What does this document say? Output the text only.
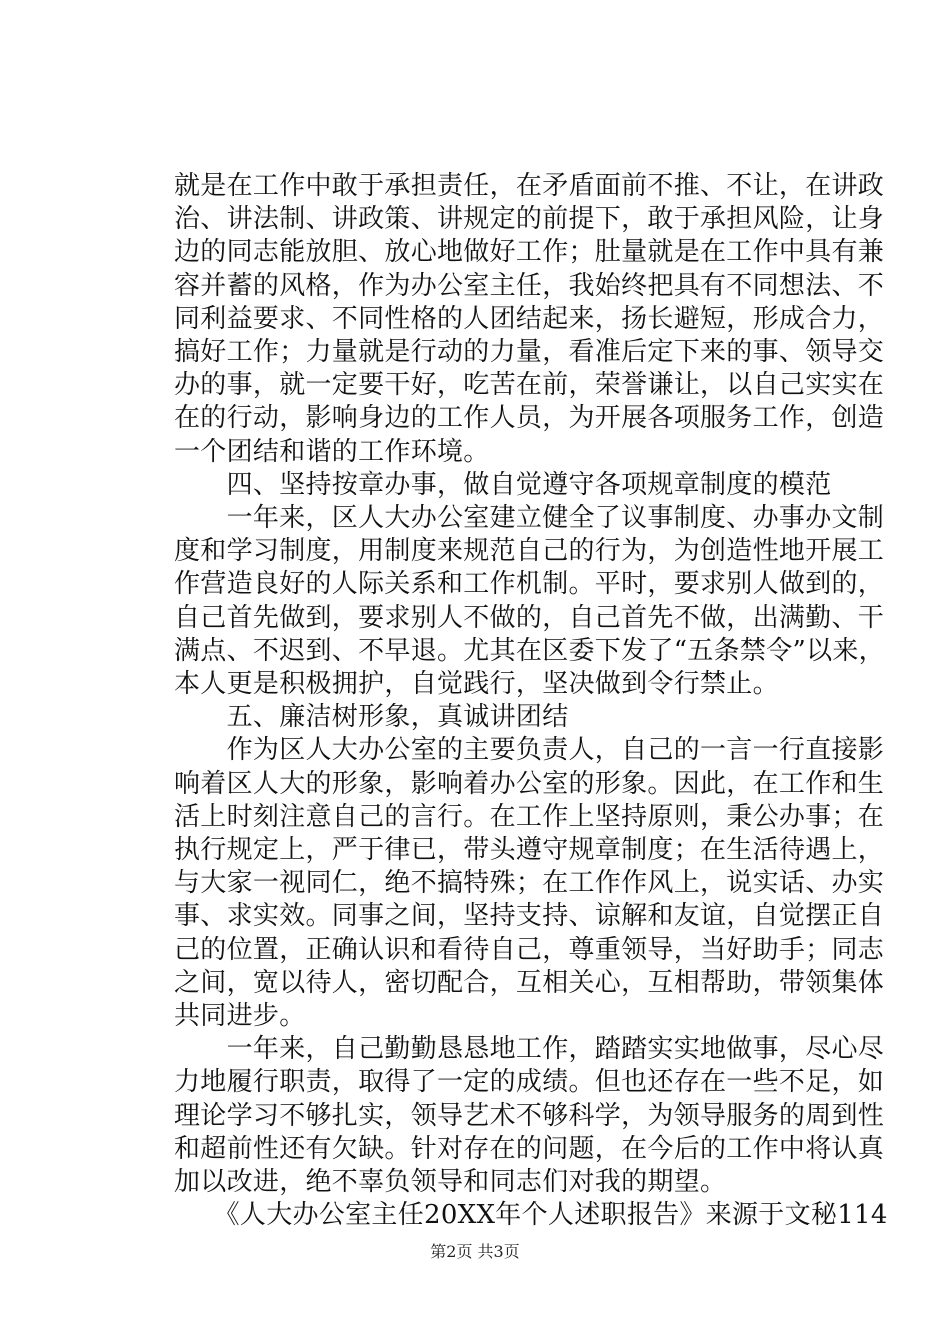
就是在工作中敢于承担责任，在矛盾面前不推、不让，在讲政
治、讲法制、讲政策、讲规定的前提下，敢于承担风险，让身
边的同志能放胆、放心地做好工作；肚量就是在工作中具有兼
容并蓄的风格，作为办公室主任，我始终把具有不同想法、不
同利益要求、不同性格的人团结起来，扬长避短，形成合力，
搞好工作；力量就是行动的力量，看准后定下来的事、领导交
办的事，就一定要干好，吃苦在前，荣誉谦让，以自己实实在
在的行动，影响身边的工作人员，为开展各项服务工作，创造
一个团结和谐的工作环境。
　　四、坚持按章办事，做自觉遵守各项规章制度的模范
　　一年来，区人大办公室建立健全了议事制度、办事办文制
度和学习制度，用制度来规范自己的行为，为创造性地开展工
作营造良好的人际关系和工作机制。平时，要求别人做到的，
自己首先做到，要求别人不做的，自己首先不做，出满勤、干
满点、不迟到、不早退。尤其在区委下发了“五条禁令”以来，
本人更是积极拥护，自觉践行，坚决做到令行禁止。
　　五、廉洁树形象，真诚讲团结
　　作为区人大办公室的主要负责人，自己的一言一行直接影
响着区人大的形象，影响着办公室的形象。因此，在工作和生
活上时刻注意自己的言行。在工作上坚持原则，秉公办事；在
执行规定上，严于律已，带头遵守规章制度；在生活待遇上，
与大家一视同仁，绝不搞特殊；在工作作风上，说实话、办实
事、求实效。同事之间，坚持支持、谅解和友谊，自觉摆正自
己的位置，正确认识和看待自己，尊重领导，当好助手；同志
之间，宽以待人，密切配合，互相关心，互相帮助，带领集体
共同进步。
　　一年来，自己勤勤恳恳地工作，踏踏实实地做事，尽心尽
力地履行职责，取得了一定的成绩。但也还存在一些不足，如
理论学习不够扎实，领导艺术不够科学，为领导服务的周到性
和超前性还有欠缺。针对存在的问题，在今后的工作中将认真
加以改进，绝不辜负领导和同志们对我的期望。
　　《人大办公室主任20XX年个人述职报告》来源于文秘114
第2页 共3页
